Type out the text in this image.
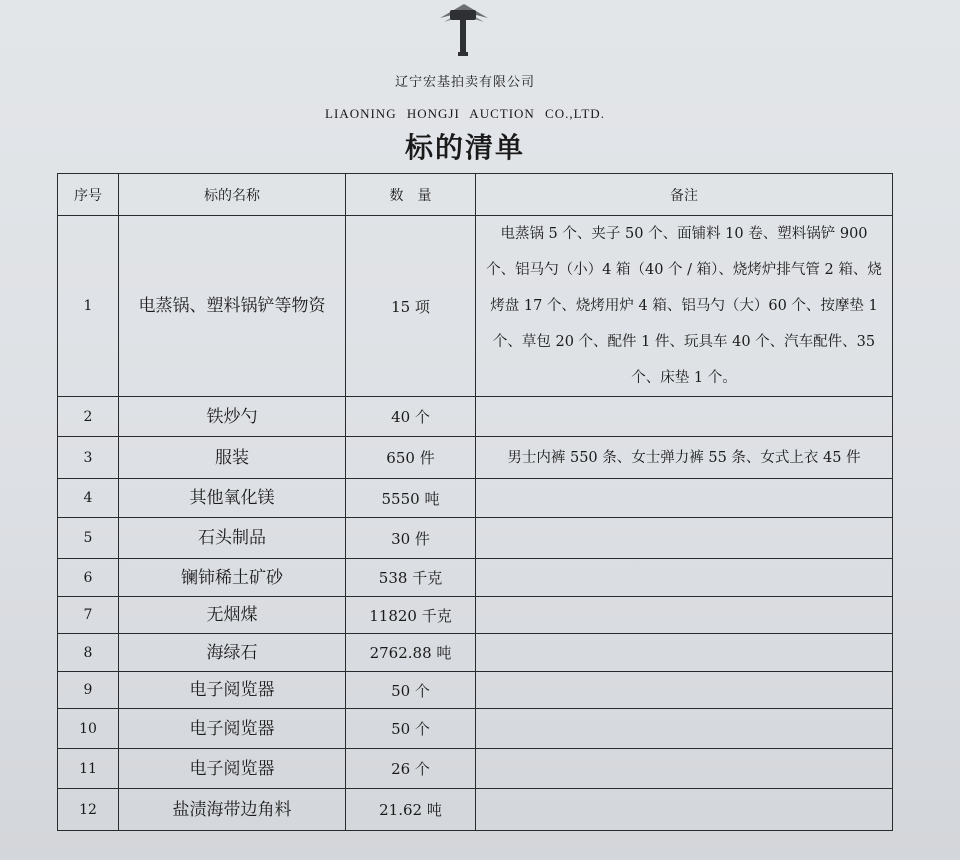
辽宁宏基拍卖有限公司
LIAONING HONGJI AUCTION CO.,LTD.
标的清单
序号	标的名称	数　量	备注
1	电蒸锅、塑料锅铲等物资	15 项	电蒸锅 5 个、夹子 50 个、面铺料 10 卷、塑料锅铲 900 个、铝马勺（小）4 箱（40 个 / 箱）、烧烤炉排气管 2 箱、烧烤盘 17 个、烧烤用炉 4 箱、铝马勺（大）60 个、按摩垫 1 个、草包 20 个、配件 1 件、玩具车 40 个、汽车配件、35 个、床垫 1 个。
2	铁炒勺	40 个	
3	服装	650 件	男士内裤 550 条、女士弹力裤 55 条、女式上衣 45 件
4	其他氧化镁	5550 吨	
5	石头制品	30 件	
6	镧铈稀土矿砂	538 千克	
7	无烟煤	11820 千克	
8	海绿石	2762.88 吨	
9	电子阅览器	50 个	
10	电子阅览器	50 个	
11	电子阅览器	26 个	
12	盐渍海带边角料	21.62 吨	
